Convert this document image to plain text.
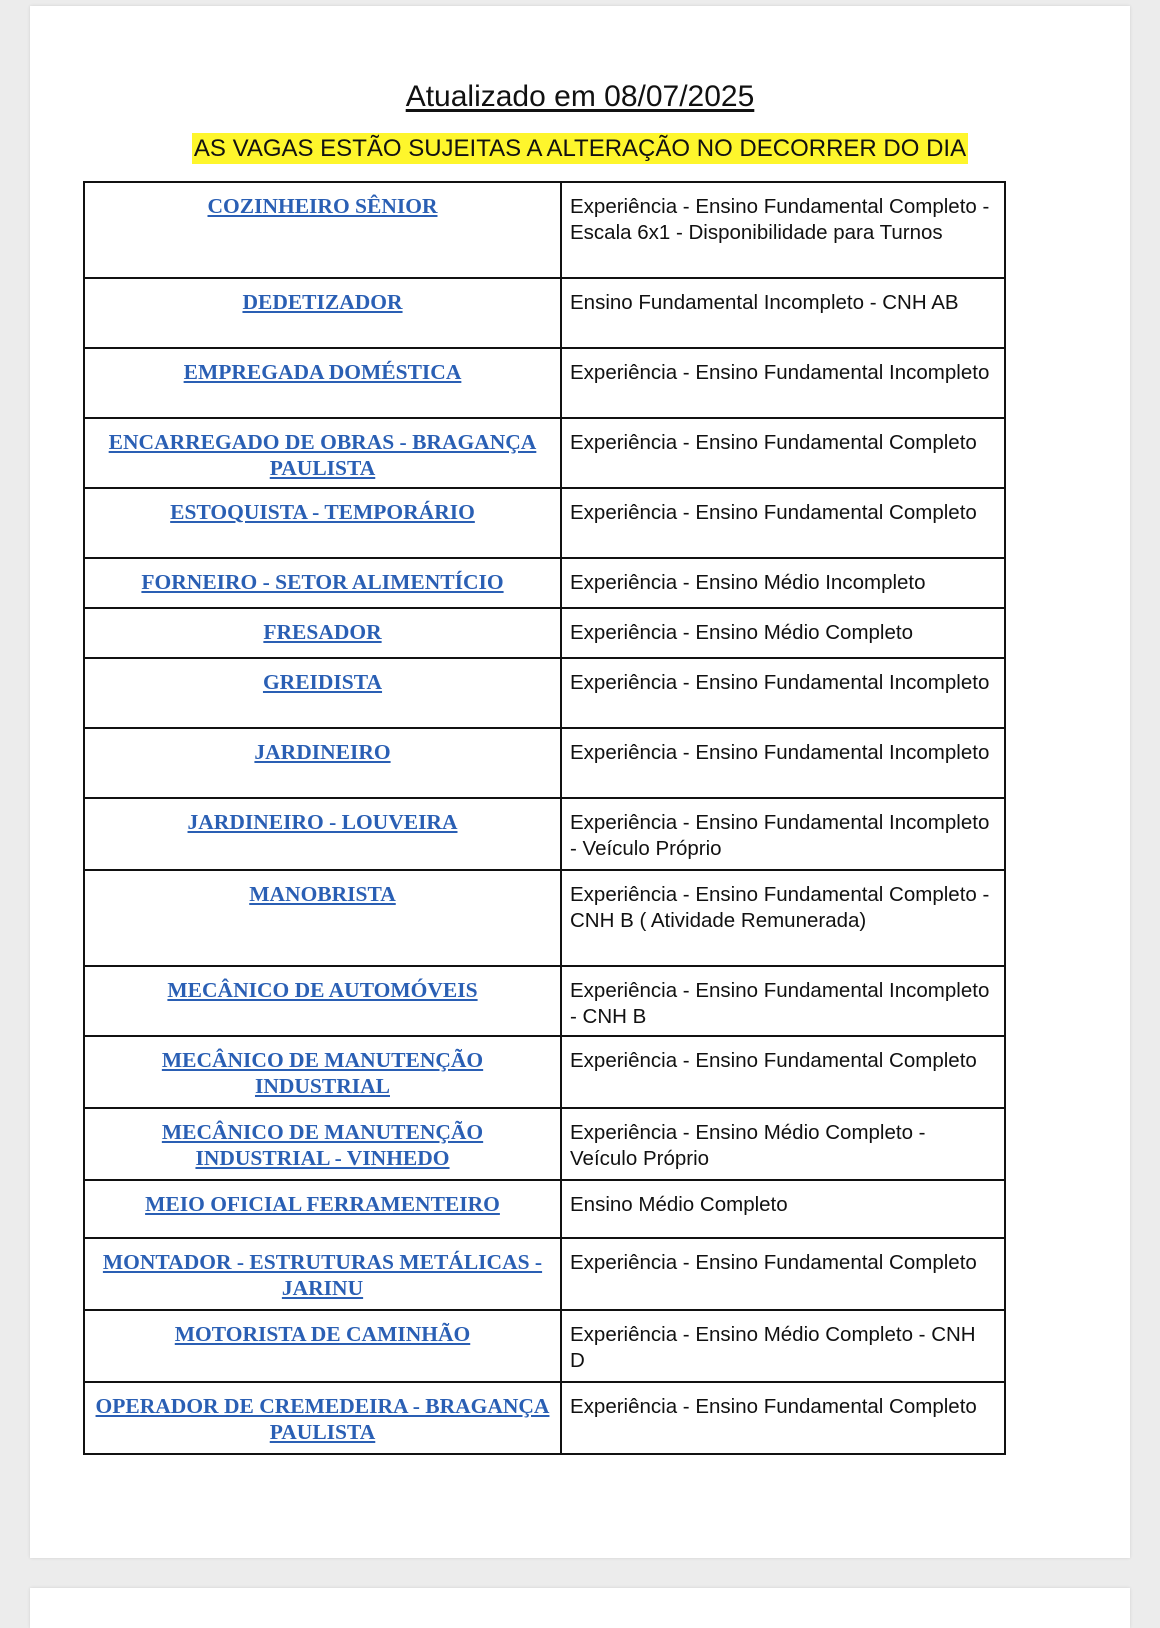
Atualizado em 08/07/2025
AS VAGAS ESTÃO SUJEITAS A ALTERAÇÃO NO DECORRER DO DIA
COZINHEIRO SÊNIOR	Experiência - Ensino Fundamental Completo - Escala 6x1 - Disponibilidade para Turnos
DEDETIZADOR	Ensino Fundamental Incompleto - CNH AB
EMPREGADA DOMÉSTICA	Experiência - Ensino Fundamental Incompleto
ENCARREGADO DE OBRAS - BRAGANÇA PAULISTA	Experiência - Ensino Fundamental Completo
ESTOQUISTA - TEMPORÁRIO	Experiência - Ensino Fundamental Completo
FORNEIRO - SETOR ALIMENTÍCIO	Experiência - Ensino Médio Incompleto
FRESADOR	Experiência - Ensino Médio Completo
GREIDISTA	Experiência - Ensino Fundamental Incompleto
JARDINEIRO	Experiência - Ensino Fundamental Incompleto
JARDINEIRO - LOUVEIRA	Experiência - Ensino Fundamental Incompleto - Veículo Próprio
MANOBRISTA	Experiência - Ensino Fundamental Completo - CNH B ( Atividade Remunerada)
MECÂNICO DE AUTOMÓVEIS	Experiência - Ensino Fundamental Incompleto - CNH B
MECÂNICO DE MANUTENÇÃO INDUSTRIAL	Experiência - Ensino Fundamental Completo
MECÂNICO DE MANUTENÇÃO INDUSTRIAL - VINHEDO	Experiência - Ensino Médio Completo - Veículo Próprio
MEIO OFICIAL FERRAMENTEIRO	Ensino Médio Completo
MONTADOR - ESTRUTURAS METÁLICAS - JARINU	Experiência - Ensino Fundamental Completo
MOTORISTA DE CAMINHÃO	Experiência - Ensino Médio Completo - CNH D
OPERADOR DE CREMEDEIRA - BRAGANÇA PAULISTA	Experiência - Ensino Fundamental Completo
